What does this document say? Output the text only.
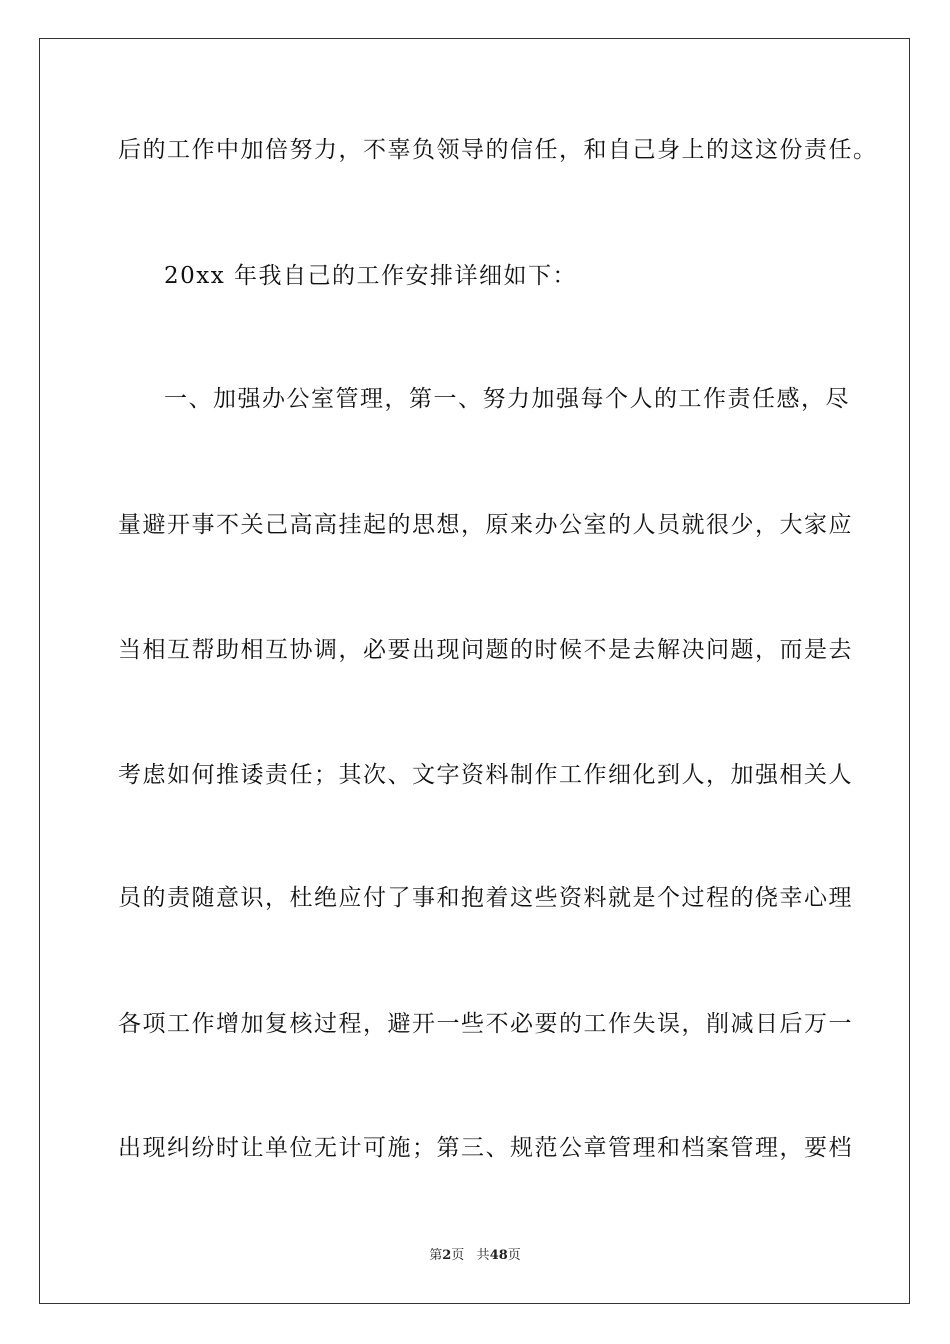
后的工作中加倍努力，不辜负领导的信任，和自己身上的这这份责任。
20xx 年我自己的工作安排详细如下：
一、加强办公室管理，第一、努力加强每个人的工作责任感，尽
量避开事不关己高高挂起的思想，原来办公室的人员就很少，大家应
当相互帮助相互协调，必要出现问题的时候不是去解决问题，而是去
考虑如何推诿责任；其次、文字资料制作工作细化到人，加强相关人
员的责随意识，杜绝应付了事和抱着这些资料就是个过程的侥幸心理
各项工作增加复核过程，避开一些不必要的工作失误，削减日后万一
出现纠纷时让单位无计可施；第三、规范公章管理和档案管理，要档
第2页 共48页
